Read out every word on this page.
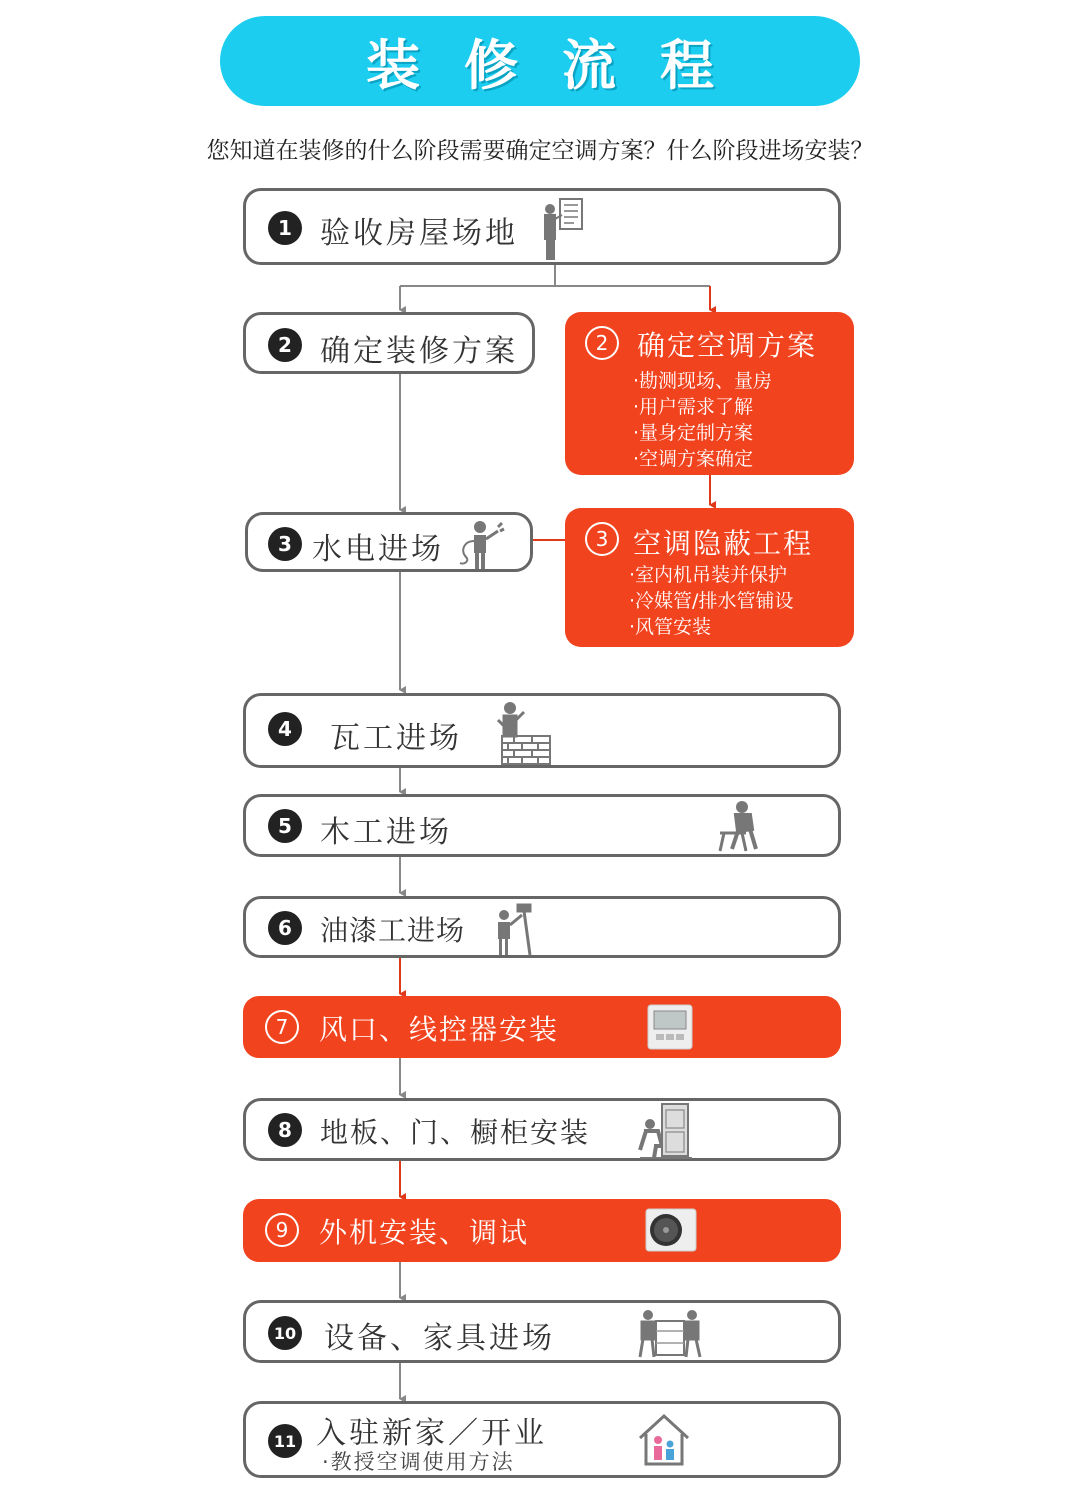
装修流程
您知道在装修的什么阶段需要确定空调方案？什么阶段进场安装？
1 验收房屋场地
2 确定装修方案	2	确定空调方案
·勘测现场、量房
·用户需求了解
·量身定制方案
·空调方案确定
3 水电进场	3 空调隐蔽工程
·室内机吊装并保护
·冷媒管/排水管铺设
·风管安装
4	瓦工进场
5 木工进场
6	油漆工进场
7	风口、线控器安装
8	地板、门、橱柜安装
9	外机安装、调试
10 设备、家具进场
11 入驻新家／开业
·教授空调使用方法
